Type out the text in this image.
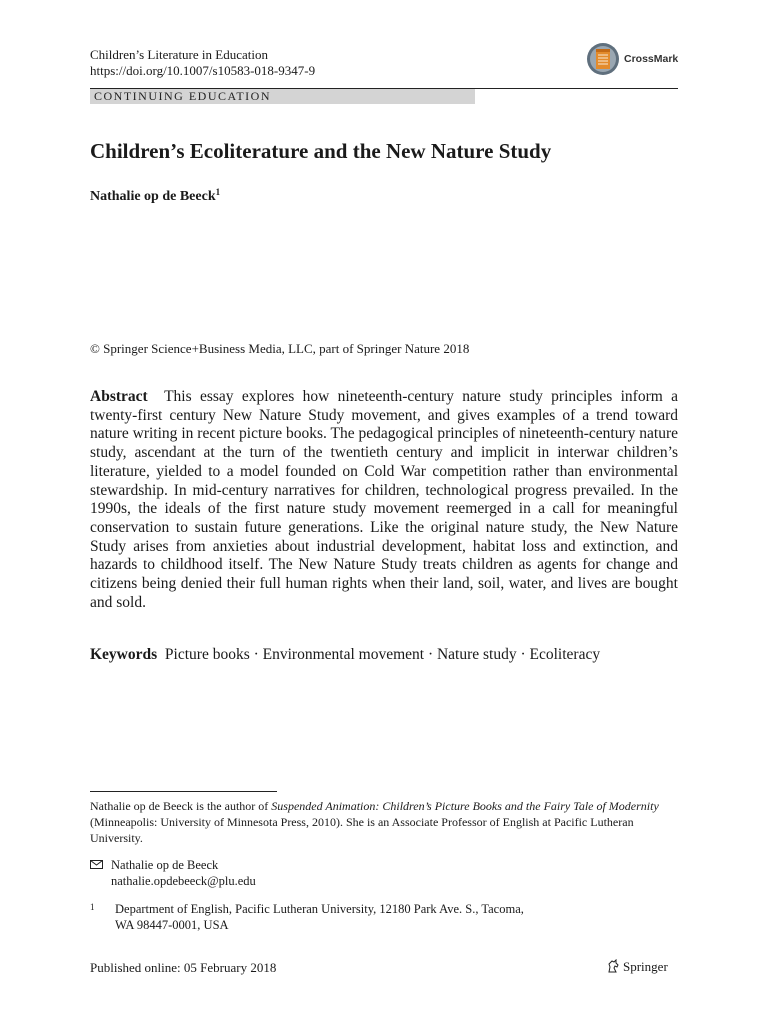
Children’s Literature in Education
https://doi.org/10.1007/s10583-018-9347-9
CrossMark
CONTINUING EDUCATION
Children’s Ecoliterature and the New Nature Study
Nathalie op de Beeck$^1$
© Springer Science+Business Media, LLC, part of Springer Nature 2018
Abstract This essay explores how nineteenth-century nature study principles inform a twenty-first century New Nature Study movement, and gives examples of a trend toward nature writing in recent picture books. The pedagogical principles of nineteenth-century nature study, ascendant at the turn of the twentieth century and implicit in interwar children’s literature, yielded to a model founded on Cold War competition rather than environmental stewardship. In mid-century narratives for children, technological progress prevailed. In the 1990s, the ideals of the first nature study movement reemerged in a call for meaningful conservation to sustain future generations. Like the original nature study, the New Nature Study arises from anxieties about industrial development, habitat loss and extinction, and hazards to childhood itself. The New Nature Study treats children as agents for change and citizens being denied their full human rights when their land, soil, water, and lives are bought and sold.
Keywords Picture books · Environmental movement · Nature study · Ecoliteracy
Nathalie op de Beeck is the author of Suspended Animation: Children’s Picture Books and the Fairy Tale of Modernity (Minneapolis: University of Minnesota Press, 2010). She is an Associate Professor of English at Pacific Lutheran University.
Nathalie op de Beeck
nathalie.opdebeeck@plu.edu
1 Department of English, Pacific Lutheran University, 12180 Park Ave. S., Tacoma,
WA 98447-0001, USA
Published online: 05 February 2018	Springer
